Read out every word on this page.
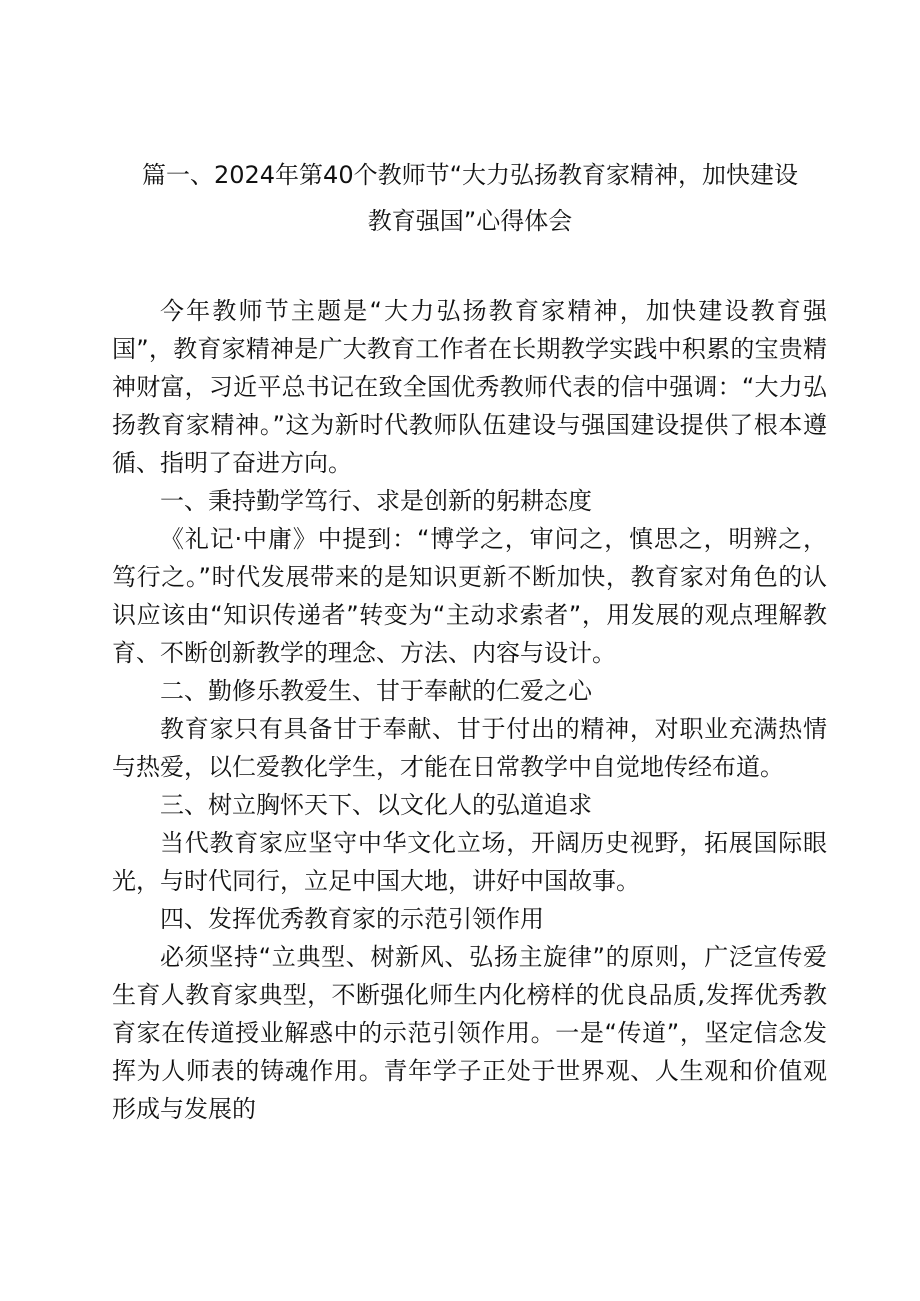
篇一、2024年第40个教师节“大力弘扬教育家精神，加快建设
教育强国”心得体会

今年教师节主题是“大力弘扬教育家精神，加快建设教育强国”，教育家精神是广大教育工作者在长期教学实践中积累的宝贵精神财富，习近平总书记在致全国优秀教师代表的信中强调：“大力弘扬教育家精神。”这为新时代教师队伍建设与强国建设提供了根本遵循、指明了奋进方向。

一、秉持勤学笃行、求是创新的躬耕态度

《礼记·中庸》中提到：“博学之，审问之，慎思之，明辨之，笃行之。”时代发展带来的是知识更新不断加快，教育家对角色的认识应该由“知识传递者”转变为“主动求索者”，用发展的观点理解教育、不断创新教学的理念、方法、内容与设计。

二、勤修乐教爱生、甘于奉献的仁爱之心

教育家只有具备甘于奉献、甘于付出的精神，对职业充满热情与热爱，以仁爱教化学生，才能在日常教学中自觉地传经布道。

三、树立胸怀天下、以文化人的弘道追求

当代教育家应坚守中华文化立场，开阔历史视野，拓展国际眼光，与时代同行，立足中国大地，讲好中国故事。

四、发挥优秀教育家的示范引领作用

必须坚持“立典型、树新风、弘扬主旋律”的原则，广泛宣传爱生育人教育家典型，不断强化师生内化榜样的优良品质,发挥优秀教育家在传道授业解惑中的示范引领作用。一是“传道”，坚定信念发挥为人师表的铸魂作用。青年学子正处于世界观、人生观和价值观形成与发展的
